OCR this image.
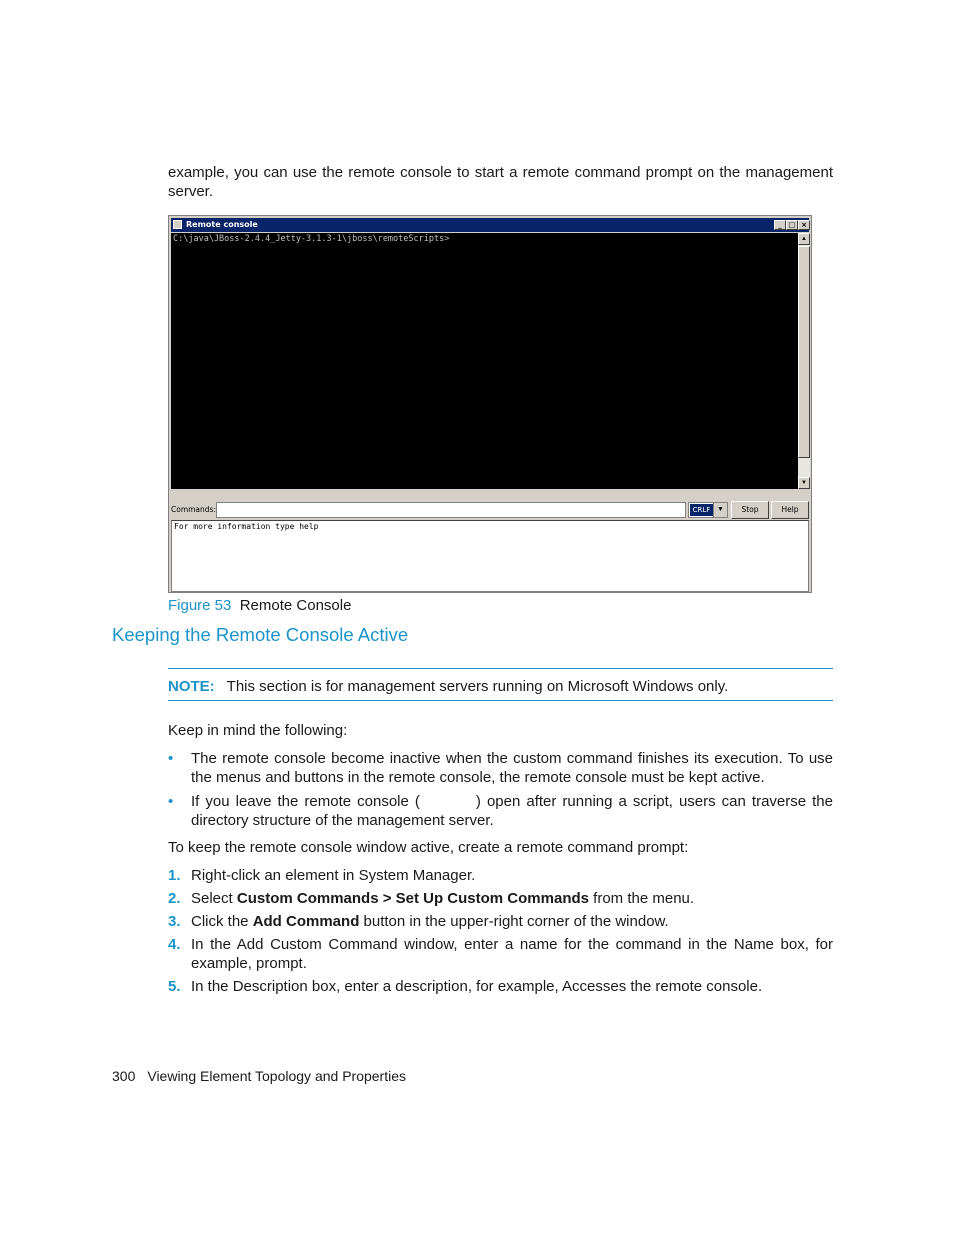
example, you can use the remote console to start a remote command prompt on the management server.

Remote console	_ □ ×
C:\java\JBoss-2.4.4_Jetty-3.1.3-1\jboss\remoteScripts>	▲
▼
Commands:	CRLF ▼	Stop	Help
For more information type help
Figure 53 Remote Console
Keeping the Remote Console Active
NOTE: This section is for management servers running on Microsoft Windows only.

Keep in mind the following:

• The remote console become inactive when the custom command finishes its execution. To use the menus and buttons in the remote console, the remote console must be kept active.
• If you leave the remote console (	) open after running a script, users can traverse the directory structure of the management server.

To keep the remote console window active, create a remote command prompt:

1. Right-click an element in System Manager.
2. Select Custom Commands > Set Up Custom Commands from the menu.
3. Click the Add Command button in the upper-right corner of the window.
4. In the Add Custom Command window, enter a name for the command in the Name box, for example, prompt.
5. In the Description box, enter a description, for example, Accesses the remote console.
300 Viewing Element Topology and Properties
